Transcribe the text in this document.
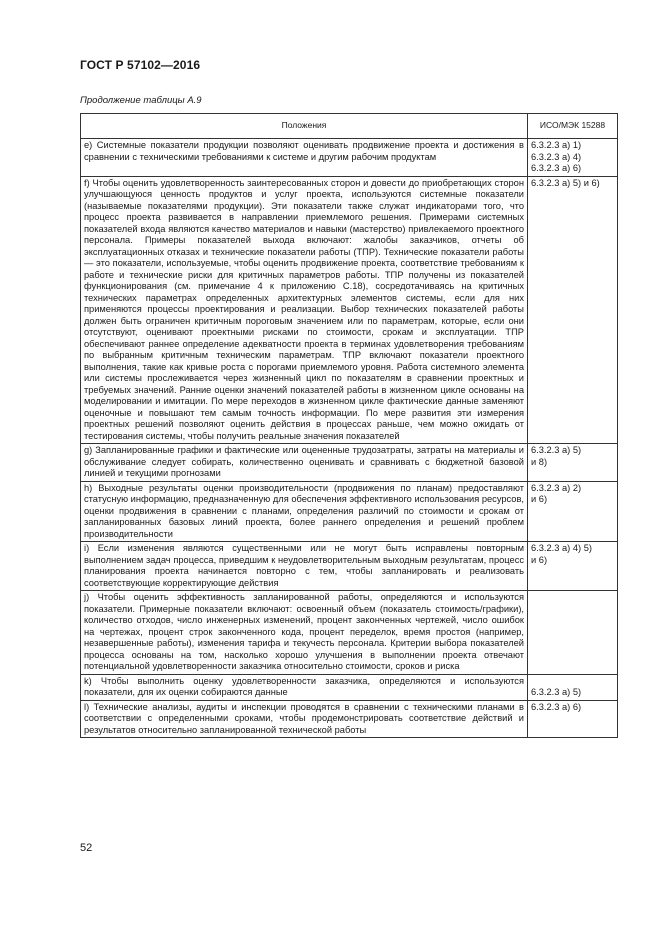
ГОСТ Р 57102—2016
Продолжение таблицы А.9
Положения	ИСО/МЭК 15288
e) Системные показатели продукции позволяют оценивать продвижение проекта и достижения в сравнении с техническими требованиями к системе и другим рабочим продуктам	6.3.2.3 а) 1)
6.3.2.3 а) 4)
6.3.2.3 а) 6)
f) Чтобы оценить удовлетворенность заинтересованных сторон и довести до приобретающих сторон улучшающуюся ценность продуктов и услуг проекта, используются системные показатели (называемые показателями продукции). Эти показатели также служат индикаторами того, что процесс проекта развивается в направлении приемлемого решения. Примерами системных показателей входа являются качество материалов и навыки (мастерство) привлекаемого проектного персонала. Примеры показателей выхода включают: жалобы заказчиков, отчеты об эксплуатационных отказах и технические показатели работы (ТПР). Технические показатели работы — это показатели, используемые, чтобы оценить продвижение проекта, соответствие требованиям к работе и технические риски для критичных параметров работы. ТПР получены из показателей функционирования (см. примечание 4 к приложению С.18), сосредотачиваясь на критичных технических параметрах определенных архитектурных элементов системы, если для них применяются процессы проектирования и реализации. Выбор технических показателей работы должен быть ограничен критичным пороговым значением или по параметрам, которые, если они отсутствуют, оценивают проектными рисками по стоимости, срокам и эксплуатации. ТПР обеспечивают раннее определение адекватности проекта в терминах удовлетворения требованиям по выбранным критичным техническим параметрам. ТПР включают показатели проектного выполнения, такие как кривые роста с порогами приемлемого уровня. Работа системного элемента или системы прослеживается через жизненный цикл по показателям в сравнении проектных и требуемых значений. Ранние оценки значений показателей работы в жизненном цикле основаны на моделировании и имитации. По мере переходов в жизненном цикле фактические данные заменяют оценочные и повышают тем самым точность информации. По мере развития эти измерения проектных решений позволяют оценить действия в процессах раньше, чем можно ожидать от тестирования системы, чтобы получить реальные значения показателей	6.3.2.3 а) 5) и 6)
g) Запланированные графики и фактические или оцененные трудозатраты, затраты на материалы и обслуживание следует собирать, количественно оценивать и сравнивать с бюджетной базовой линией и текущими прогнозами	6.3.2.3 а) 5)
и 8)
h) Выходные результаты оценки производительности (продвижения по планам) предоставляют статусную информацию, предназначенную для обеспечения эффективного использования ресурсов, оценки продвижения в сравнении с планами, определения различий по стоимости и срокам от запланированных базовых линий проекта, более раннего определения и решений проблем производительности	6.3.2.3 а) 2)
и 6)
i) Если изменения являются существенными или не могут быть исправлены повторным выполнением задач процесса, приведшим к неудовлетворительным выходным результатам, процесс планирования проекта начинается повторно с тем, чтобы запланировать и реализовать соответствующие корректирующие действия	6.3.2.3 а) 4) 5)
и 6)
j) Чтобы оценить эффективность запланированной работы, определяются и используются показатели. Примерные показатели включают: освоенный объем (показатель стоимость/графики), количество отходов, число инженерных изменений, процент законченных чертежей, число ошибок на чертежах, процент строк законченного кода, процент переделок, время простоя (например, незавершенные работы), изменения тарифа и текучесть персонала. Критерии выбора показателей процесса основаны на том, насколько хорошо улучшения в выполнении проекта отвечают потенциальной удовлетворенности заказчика относительно стоимости, сроков и риска	
k) Чтобы выполнить оценку удовлетворенности заказчика, определяются и используются показатели, для их оценки собираются данные	6.3.2.3 а) 5)
l) Технические анализы, аудиты и инспекции проводятся в сравнении с техническими планами в соответствии с определенными сроками, чтобы продемонстрировать соответствие действий и результатов относительно запланированной технической работы	6.3.2.3 а) 6)
52
